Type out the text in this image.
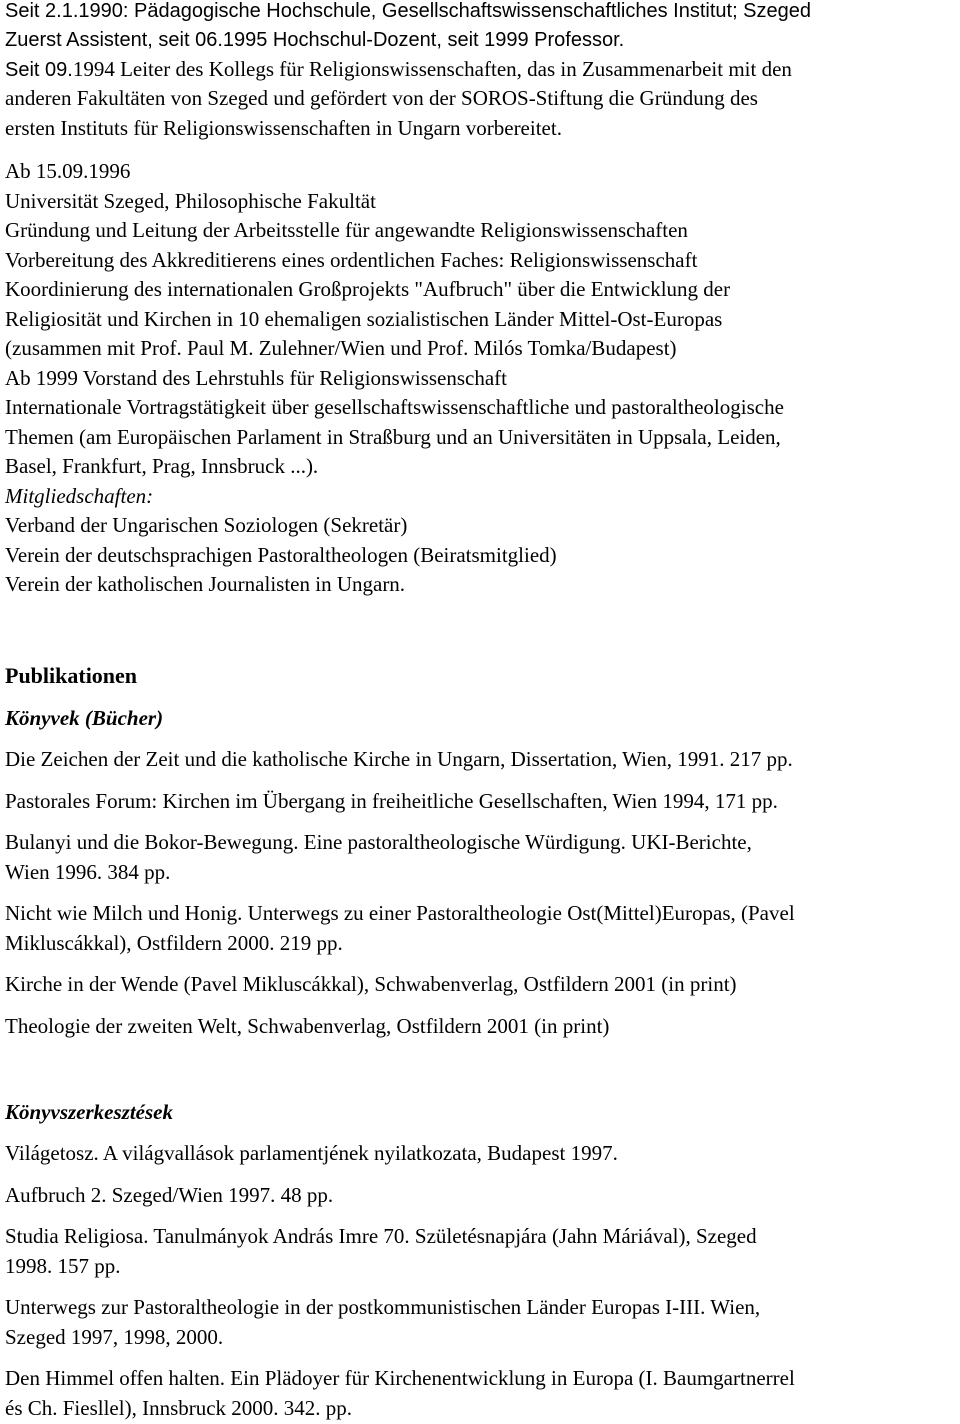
Seit 2.1.1990: Pädagogische Hochschule, Gesellschaftswissenschaftliches Institut; Szeged
Zuerst Assistent, seit 06.1995 Hochschul-Dozent, seit 1999 Professor.
Seit 09.1994 Leiter des Kollegs für Religionswissenschaften, das in Zusammenarbeit mit den
anderen Fakultäten von Szeged und gefördert von der SOROS-Stiftung die Gründung des
ersten Instituts für Religionswissenschaften in Ungarn vorbereitet.
Ab 15.09.1996
Universität Szeged, Philosophische Fakultät
Gründung und Leitung der Arbeitsstelle für angewandte Religionswissenschaften
Vorbereitung des Akkreditierens eines ordentlichen Faches: Religionswissenschaft
Koordinierung des internationalen Großprojekts "Aufbruch" über die Entwicklung der
Religiosität und Kirchen in 10 ehemaligen sozialistischen Länder Mittel-Ost-Europas
(zusammen mit Prof. Paul M. Zulehner/Wien und Prof. Milós Tomka/Budapest)
Ab 1999 Vorstand des Lehrstuhls für Religionswissenschaft
Internationale Vortragstätigkeit über gesellschaftswissenschaftliche und pastoraltheologische
Themen (am Europäischen Parlament in Straßburg und an Universitäten in Uppsala, Leiden,
Basel, Frankfurt, Prag, Innsbruck ...).
Mitgliedschaften:
Verband der Ungarischen Soziologen (Sekretär)
Verein der deutschsprachigen Pastoraltheologen (Beiratsmitglied)
Verein der katholischen Journalisten in Ungarn.
Publikationen
Könyvek (Bücher)
Die Zeichen der Zeit und die katholische Kirche in Ungarn, Dissertation, Wien, 1991. 217 pp.
Pastorales Forum: Kirchen im Übergang in freiheitliche Gesellschaften, Wien 1994, 171 pp.
Bulanyi und die Bokor-Bewegung. Eine pastoraltheologische Würdigung. UKI-Berichte,
Wien 1996. 384 pp.
Nicht wie Milch und Honig. Unterwegs zu einer Pastoraltheologie Ost(Mittel)Europas, (Pavel
Mikluscákkal), Ostfildern 2000. 219 pp.
Kirche in der Wende (Pavel Mikluscákkal), Schwabenverlag, Ostfildern 2001 (in print)
Theologie der zweiten Welt, Schwabenverlag, Ostfildern 2001 (in print)
Könyvszerkesztések
Világetosz. A világvallások parlamentjének nyilatkozata, Budapest 1997.
Aufbruch 2. Szeged/Wien 1997. 48 pp.
Studia Religiosa. Tanulmányok András Imre 70. Születésnapjára (Jahn Máriával), Szeged
1998. 157 pp.
Unterwegs zur Pastoraltheologie in der postkommunistischen Länder Europas I-III. Wien,
Szeged 1997, 1998, 2000.
Den Himmel offen halten. Ein Plädoyer für Kirchenentwicklung in Europa (I. Baumgartnerrel
és Ch. Fiesllel), Innsbruck 2000. 342. pp.
